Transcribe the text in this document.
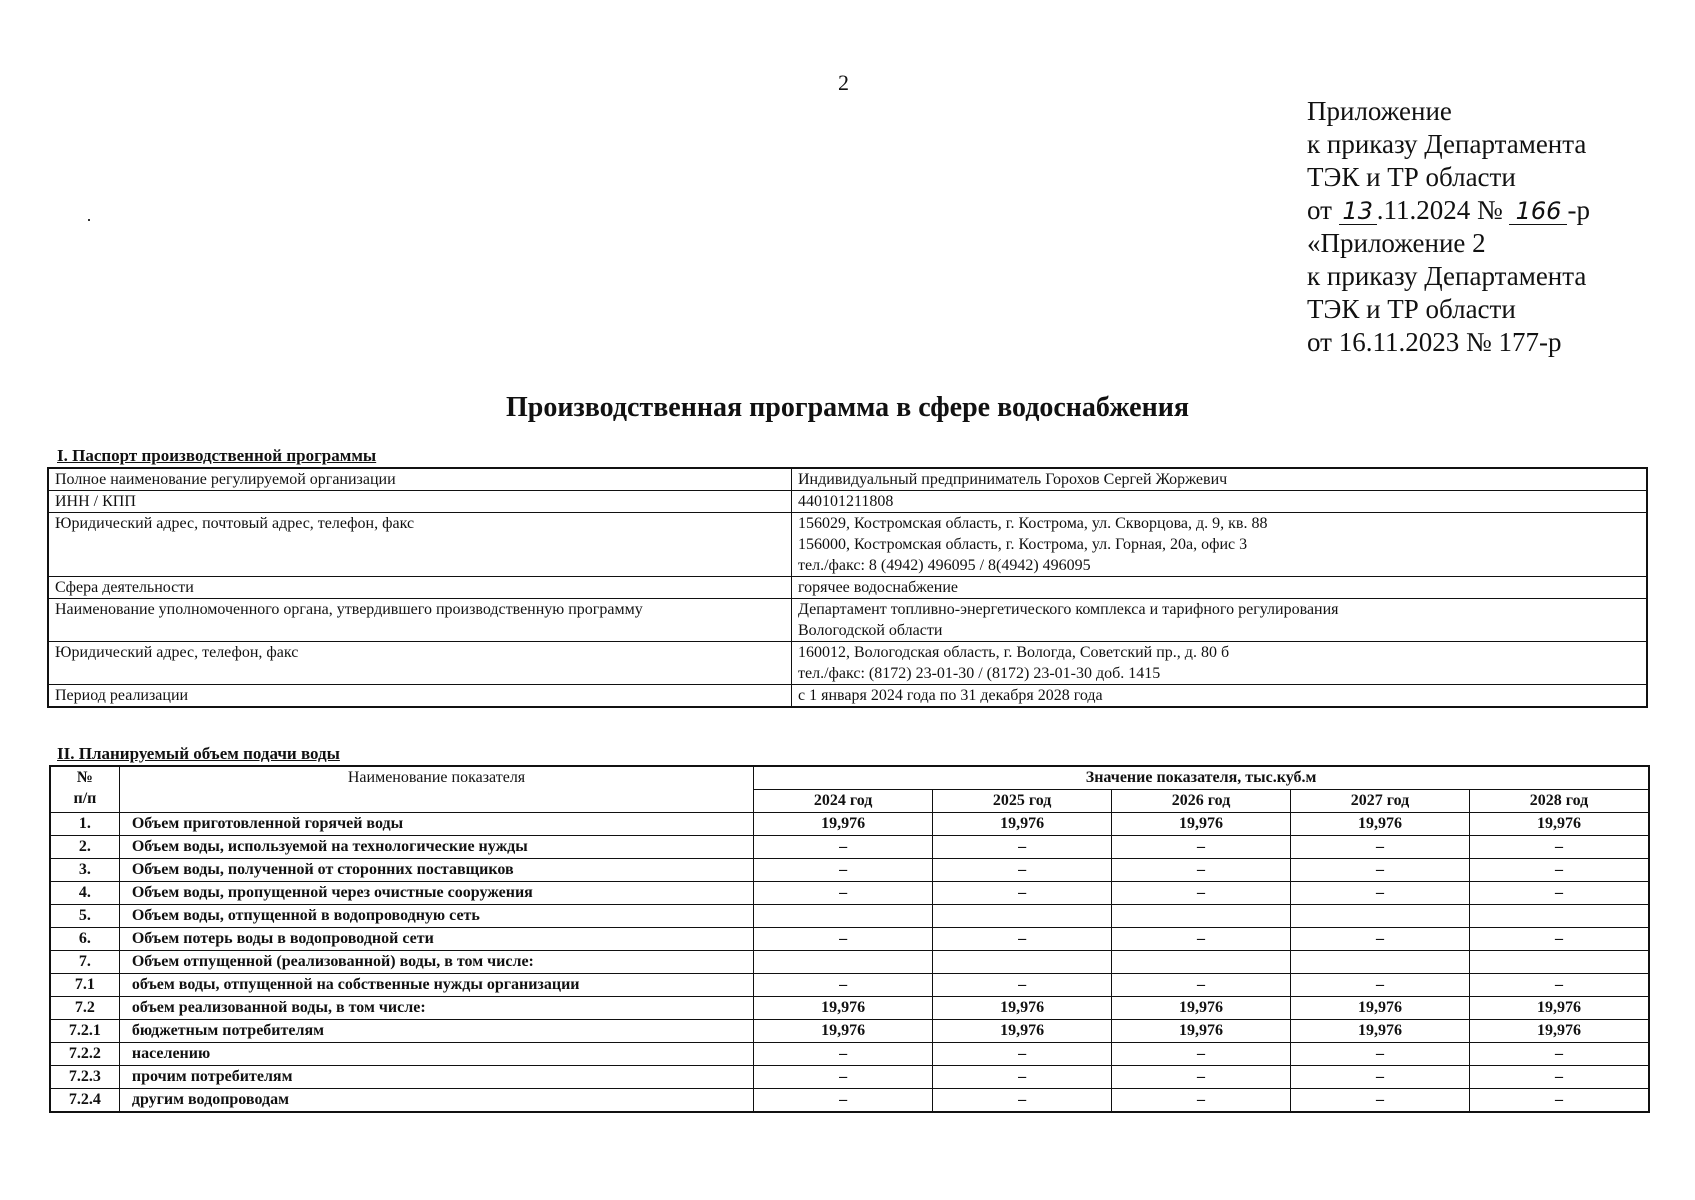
2
Приложение
к приказу Департамента
ТЭК и ТР области
от 13 .11.2024 № 166 -р
«Приложение 2
к приказу Департамента
ТЭК и ТР области
от 16.11.2023 № 177-р
Производственная программа в сфере водоснабжения
I. Паспорт производственной программы
Полное наименование регулируемой организации	Индивидуальный предприниматель Горохов Сергей Жоржевич
ИНН / КПП	440101211808
Юридический адрес, почтовый адрес, телефон, факс	156029, Костромская область, г. Кострома, ул. Скворцова, д. 9, кв. 88
156000, Костромская область, г. Кострома, ул. Горная, 20а, офис 3
тел./факс: 8 (4942) 496095 / 8(4942) 496095
Сфера деятельности	горячее водоснабжение
Наименование уполномоченного органа, утвердившего производственную программу	Департамент топливно-энергетического комплекса и тарифного регулирования
Вологодской области
Юридический адрес, телефон, факс	160012, Вологодская область, г. Вологда, Советский пр., д. 80 б
тел./факс: (8172) 23-01-30 / (8172) 23-01-30 доб. 1415
Период реализации	с 1 января 2024 года по 31 декабря 2028 года
II. Планируемый объем подачи воды
№
п/п	Наименование показателя	Значение показателя, тыс.куб.м				
		2024 год	2025 год	2026 год	2027 год	2028 год
1.	Объем приготовленной горячей воды	19,976	19,976	19,976	19,976	19,976
2.	Объем воды, используемой на технологические нужды	–	–	–	–	–
3.	Объем воды, полученной от сторонних поставщиков	–	–	–	–	–
4.	Объем воды, пропущенной через очистные сооружения	–	–	–	–	–
5.	Объем воды, отпущенной в водопроводную сеть					
6.	Объем потерь воды в водопроводной сети	–	–	–	–	–
7.	Объем отпущенной (реализованной) воды, в том числе:					
7.1	объем воды, отпущенной на собственные нужды организации	–	–	–	–	–
7.2	объем реализованной воды, в том числе:	19,976	19,976	19,976	19,976	19,976
7.2.1	бюджетным потребителям	19,976	19,976	19,976	19,976	19,976
7.2.2	населению	–	–	–	–	–
7.2.3	прочим потребителям	–	–	–	–	–
7.2.4	другим водопроводам	–	–	–	–	–
